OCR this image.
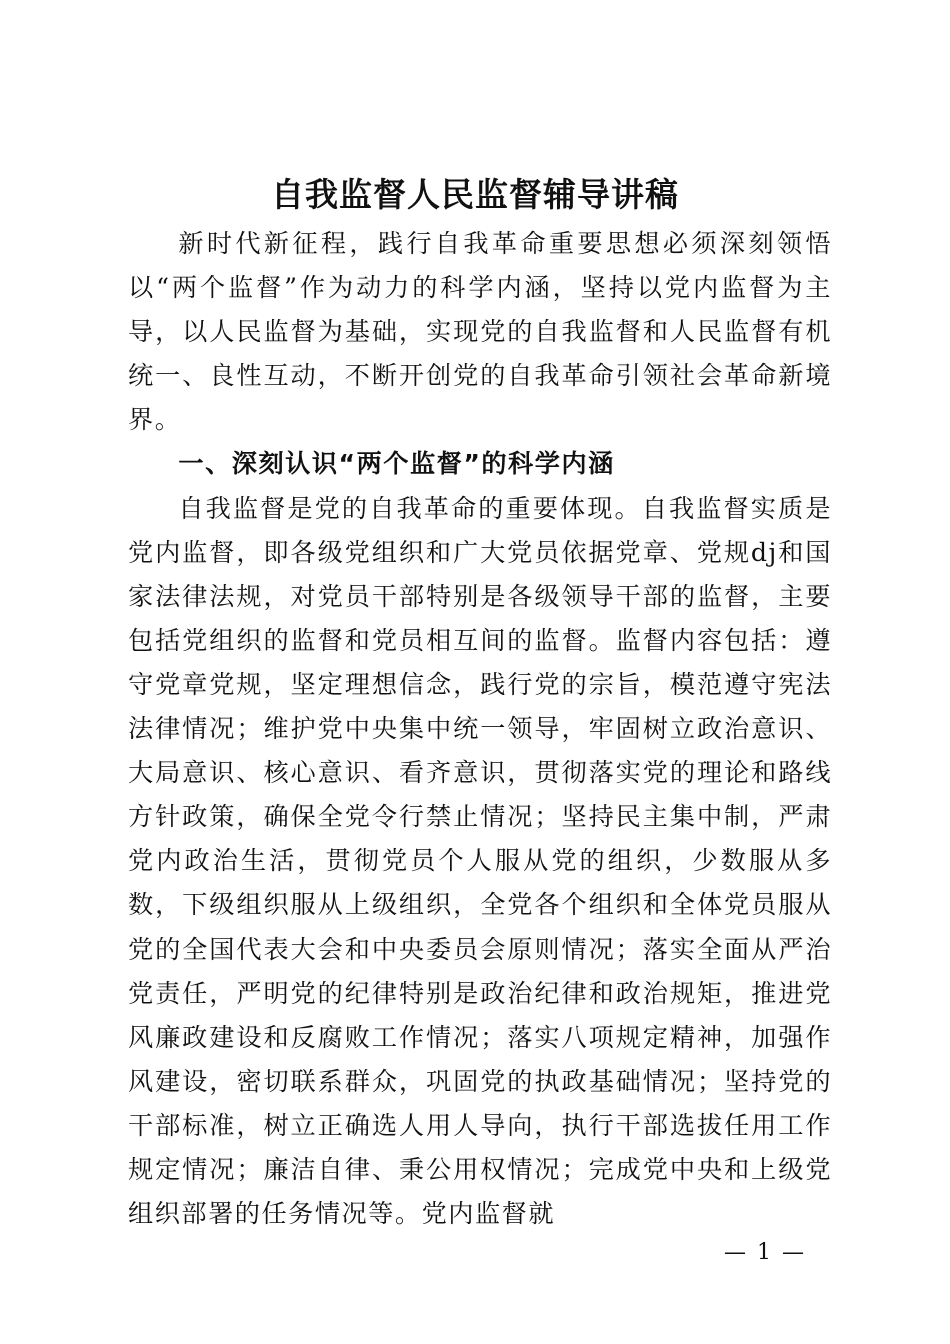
自我监督人民监督辅导讲稿

新时代新征程，践行自我革命重要思想必须深刻领悟以“两个监督”作为动力的科学内涵，坚持以党内监督为主导，以人民监督为基础，实现党的自我监督和人民监督有机统一、良性互动，不断开创党的自我革命引领社会革命新境界。

一、深刻认识“两个监督”的科学内涵

自我监督是党的自我革命的重要体现。自我监督实质是党内监督，即各级党组织和广大党员依据党章、党规dj和国家法律法规，对党员干部特别是各级领导干部的监督，主要包括党组织的监督和党员相互间的监督。监督内容包括：遵守党章党规，坚定理想信念，践行党的宗旨，模范遵守宪法法律情况；维护党中央集中统一领导，牢固树立政治意识、大局意识、核心意识、看齐意识，贯彻落实党的理论和路线方针政策，确保全党令行禁止情况；坚持民主集中制，严肃党内政治生活，贯彻党员个人服从党的组织，少数服从多数，下级组织服从上级组织，全党各个组织和全体党员服从党的全国代表大会和中央委员会原则情况；落实全面从严治党责任，严明党的纪律特别是政治纪律和政治规矩，推进党风廉政建设和反腐败工作情况；落实八项规定精神，加强作风建设，密切联系群众，巩固党的执政基础情况；坚持党的干部标准，树立正确选人用人导向，执行干部选拔任用工作规定情况；廉洁自律、秉公用权情况；完成党中央和上级党组织部署的任务情况等。党内监督就

— 1 —
